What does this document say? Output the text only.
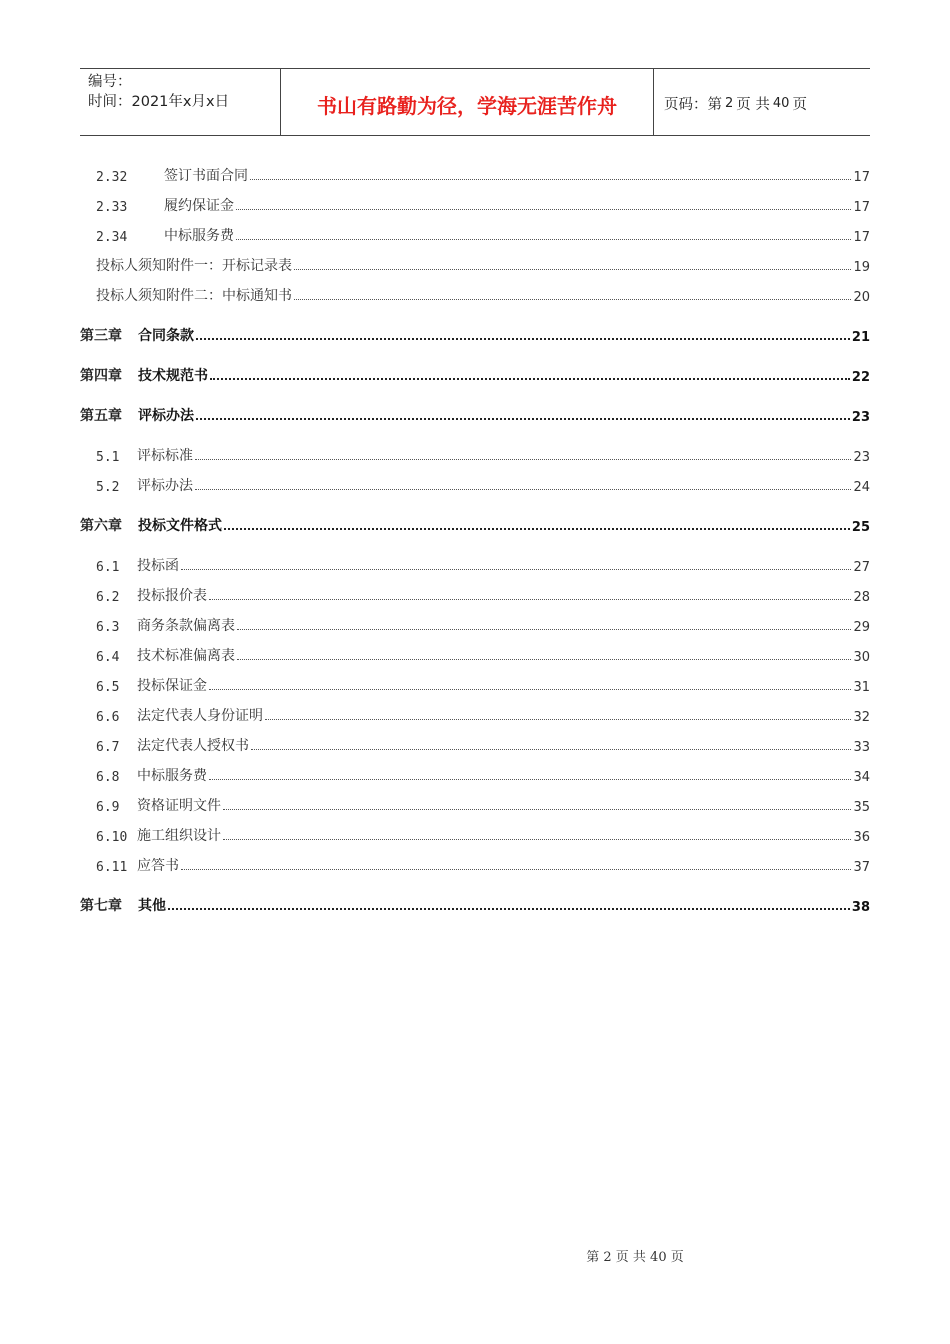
编号：
时间：2021年x月x日	书山有路勤为径，学海无涯苦作舟	页码：第 2 页 共 40 页
2.32	签订书面合同	17
2.33	履约保证金	17
2.34	中标服务费	17
投标人须知附件一：开标记录表	19
投标人须知附件二：中标通知书	20
第三章 合同条款	21
第四章 技术规范书	22
第五章 评标办法	23
5.1	评标标准	23
5.2	评标办法	24
第六章 投标文件格式	25
6.1	投标函	27
6.2	投标报价表	28
6.3	商务条款偏离表	29
6.4	技术标准偏离表	30
6.5	投标保证金	31
6.6	法定代表人身份证明	32
6.7	法定代表人授权书	33
6.8	中标服务费	34
6.9	资格证明文件	35
6.10 施工组织设计	36
6.11 应答书	37
第七章 其他	38
第 2 页 共 40 页
